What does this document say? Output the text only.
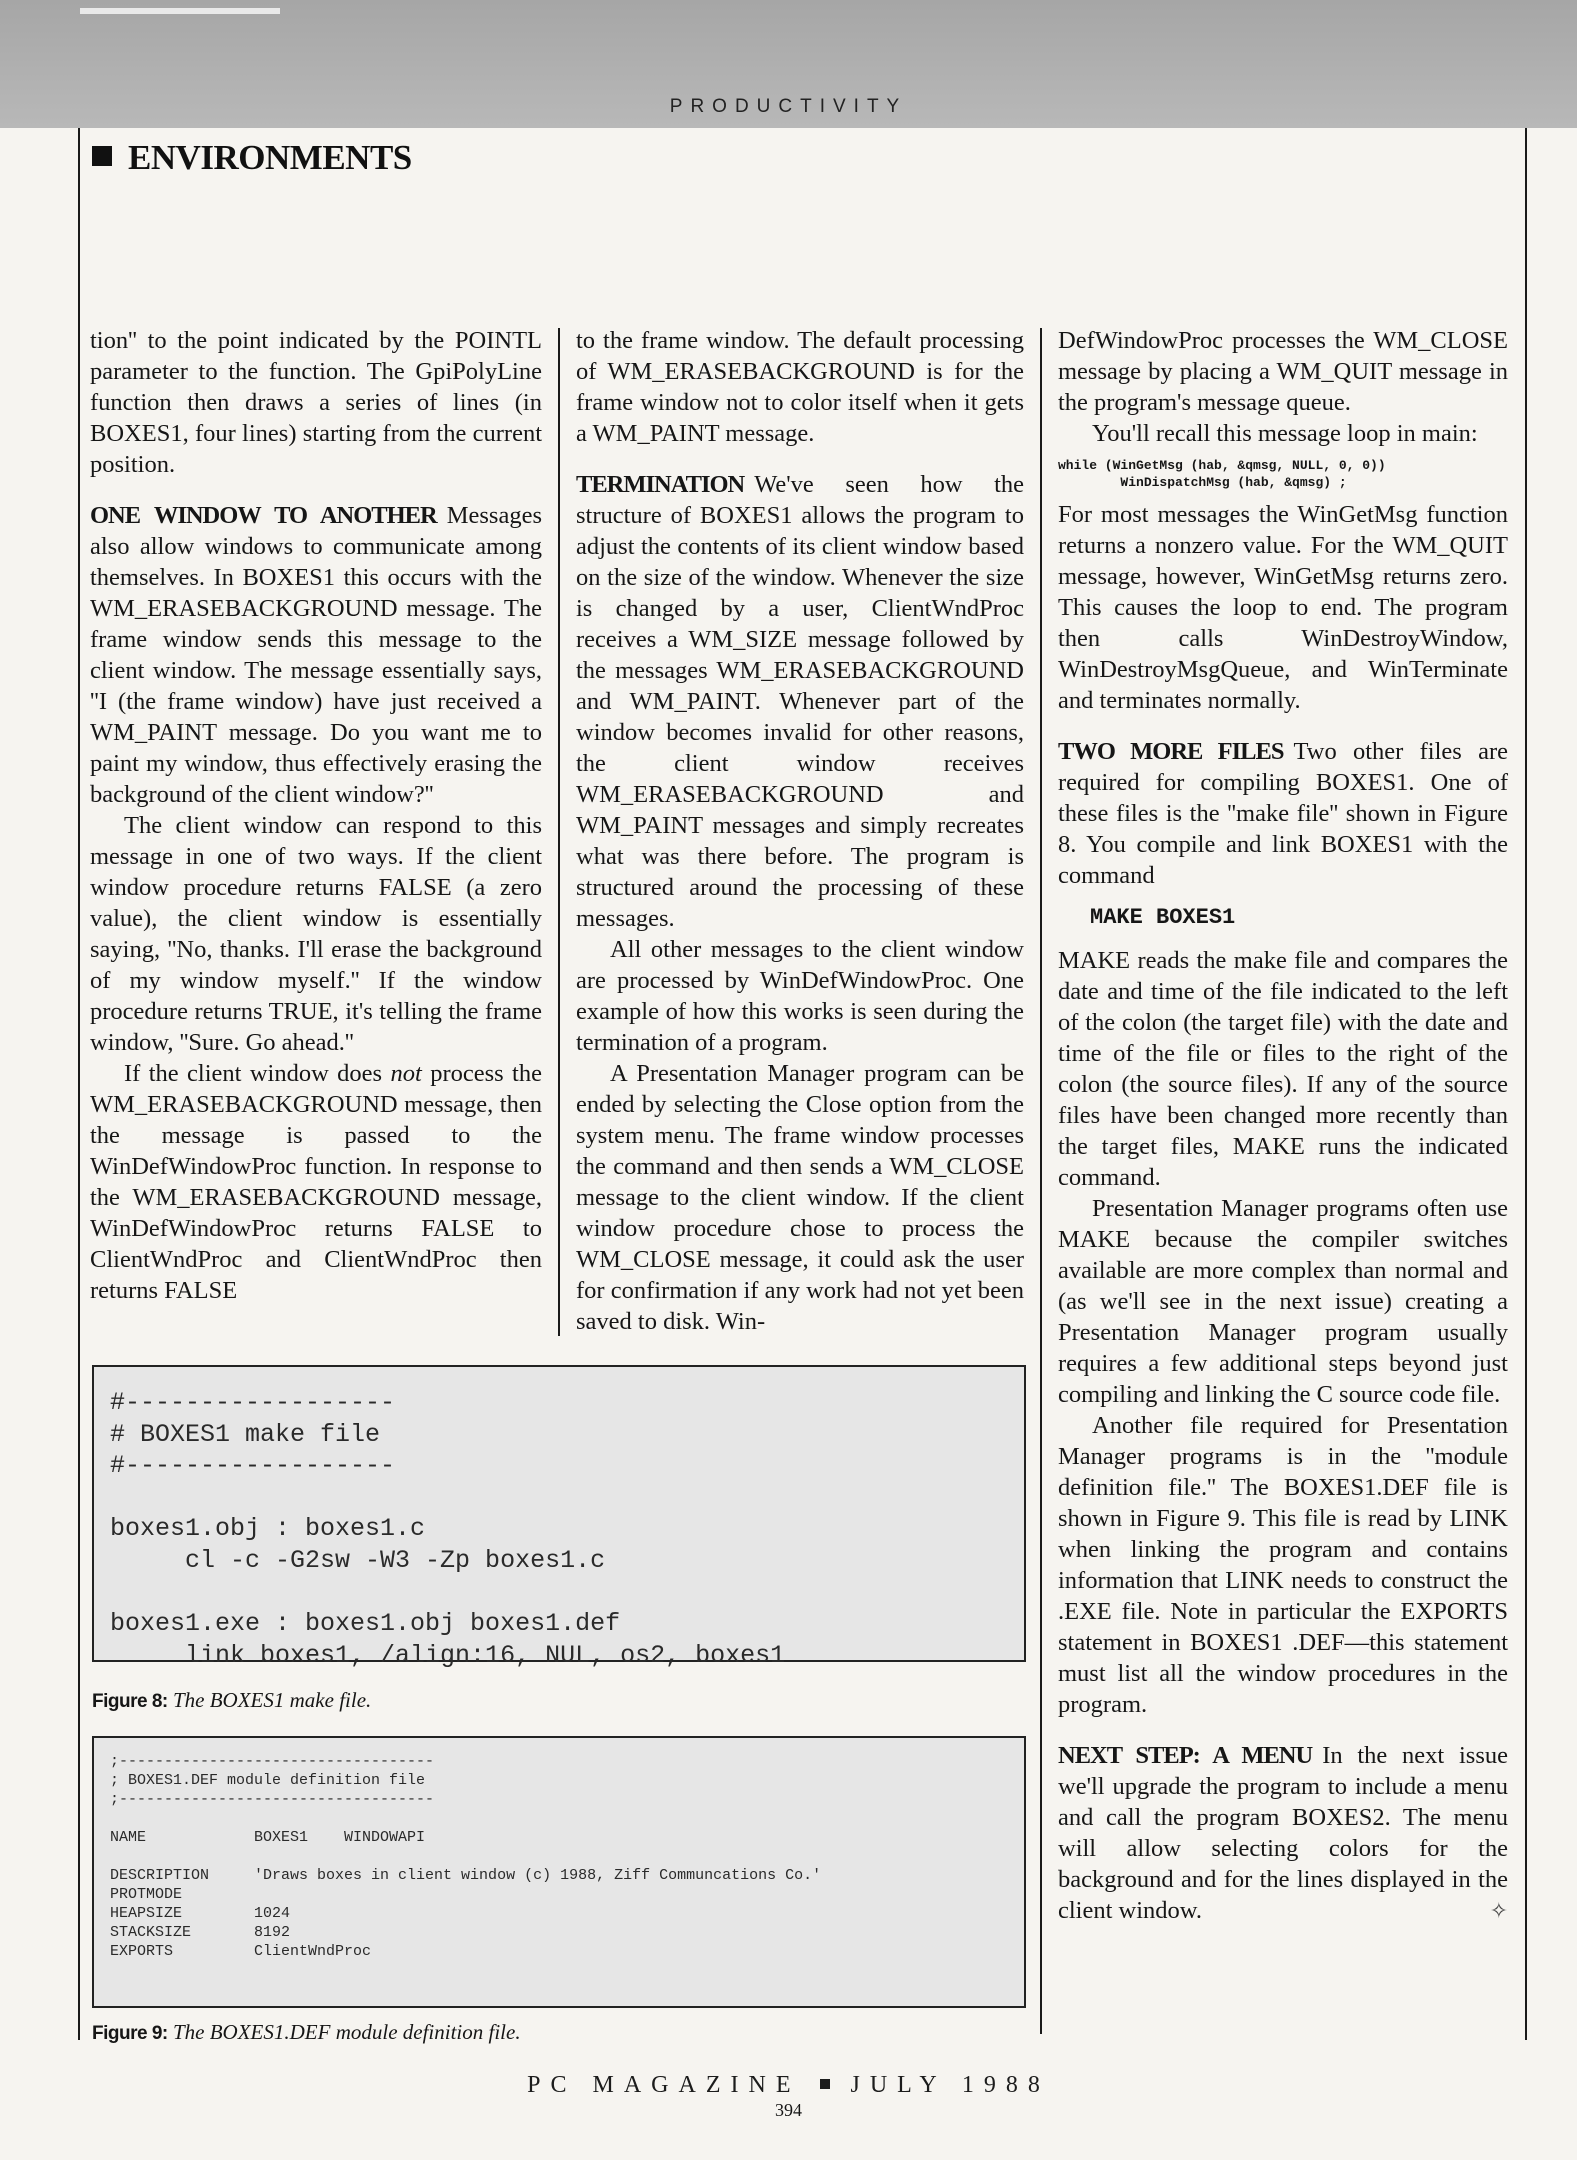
PRODUCTIVITY
ENVIRONMENTS

tion'' to the point indicated by the POINTL parameter to the function. The GpiPolyLine function then draws a series of lines (in BOXES1, four lines) starting from the current position.

ONE WINDOW TO ANOTHER Messages also allow windows to communicate among themselves. In BOXES1 this occurs with the WM_ERASEBACKGROUND message. The frame window sends this message to the client window. The message essentially says, ''I (the frame window) have just received a WM_PAINT message. Do you want me to paint my window, thus effectively erasing the background of the client window?''

The client window can respond to this message in one of two ways. If the client window procedure returns FALSE (a zero value), the client window is essentially saying, ''No, thanks. I'll erase the background of my window myself.'' If the window procedure returns TRUE, it's telling the frame window, ''Sure. Go ahead.''

If the client window does not process the WM_ERASEBACKGROUND message, then the message is passed to the WinDefWindowProc function. In response to the WM_ERASEBACKGROUND message, WinDefWindowProc returns FALSE to ClientWndProc and ClientWndProc then returns FALSE

to the frame window. The default processing of WM_ERASEBACKGROUND is for the frame window not to color itself when it gets a WM_PAINT message.

TERMINATION We've seen how the structure of BOXES1 allows the program to adjust the contents of its client window based on the size of the window. Whenever the size is changed by a user, ClientWndProc receives a WM_SIZE message followed by the messages WM_ERASEBACKGROUND and WM_PAINT. Whenever part of the window becomes invalid for other reasons, the client window receives WM_ERASEBACKGROUND and WM_PAINT messages and simply recreates what was there before. The program is structured around the processing of these messages.

All other messages to the client window are processed by WinDefWindowProc. One example of how this works is seen during the termination of a program.

A Presentation Manager program can be ended by selecting the Close option from the system menu. The frame window processes the command and then sends a WM_CLOSE message to the client window. If the client window procedure chose to process the WM_CLOSE message, it could ask the user for confirmation if any work had not yet been saved to disk. Win-

DefWindowProc processes the WM_CLOSE message by placing a WM_QUIT message in the program's message queue.

You'll recall this message loop in main:

while (WinGetMsg (hab, &qmsg, NULL, 0, 0))
WinDispatchMsg (hab, &qmsg) ;

For most messages the WinGetMsg function returns a nonzero value. For the WM_QUIT message, however, WinGetMsg returns zero. This causes the loop to end. The program then calls WinDestroyWindow, WinDestroyMsgQueue, and WinTerminate and terminates normally.

TWO MORE FILES Two other files are required for compiling BOXES1. One of these files is the ''make file'' shown in Figure 8. You compile and link BOXES1 with the command

MAKE BOXES1

MAKE reads the make file and compares the date and time of the file indicated to the left of the colon (the target file) with the date and time of the file or files to the right of the colon (the source files). If any of the source files have been changed more recently than the target files, MAKE runs the indicated command.

Presentation Manager programs often use MAKE because the compiler switches available are more complex than normal and (as we'll see in the next issue) creating a Presentation Manager program usually requires a few additional steps beyond just compiling and linking the C source code file.

Another file required for Presentation Manager programs is in the ''module definition file.'' The BOXES1.DEF file is shown in Figure 9. This file is read by LINK when linking the program and contains information that LINK needs to construct the .EXE file. Note in particular the EXPORTS statement in BOXES1 .DEF—this statement must list all the window procedures in the program.

NEXT STEP: A MENU In the next issue we'll upgrade the program to include a menu and call the program BOXES2. The menu will allow selecting colors for the background and for the lines displayed in the client window.	✧

#------------------
# BOXES1 make file
#------------------

boxes1.obj : boxes1.c
cl -c -G2sw -W3 -Zp boxes1.c

boxes1.exe : boxes1.obj boxes1.def
link boxes1, /align:16, NUL, os2, boxes1
Figure 8: The BOXES1 make file.
;-----------------------------------
; BOXES1.DEF module definition file
;-----------------------------------

NAME            BOXES1    WINDOWAPI

DESCRIPTION     'Draws boxes in client window (c) 1988, Ziff Communcations Co.'
PROTMODE
HEAPSIZE        1024
STACKSIZE       8192
EXPORTS         ClientWndProc
Figure 9: The BOXES1.DEF module definition file.
PC MAGAZINE JULY 1988
394
